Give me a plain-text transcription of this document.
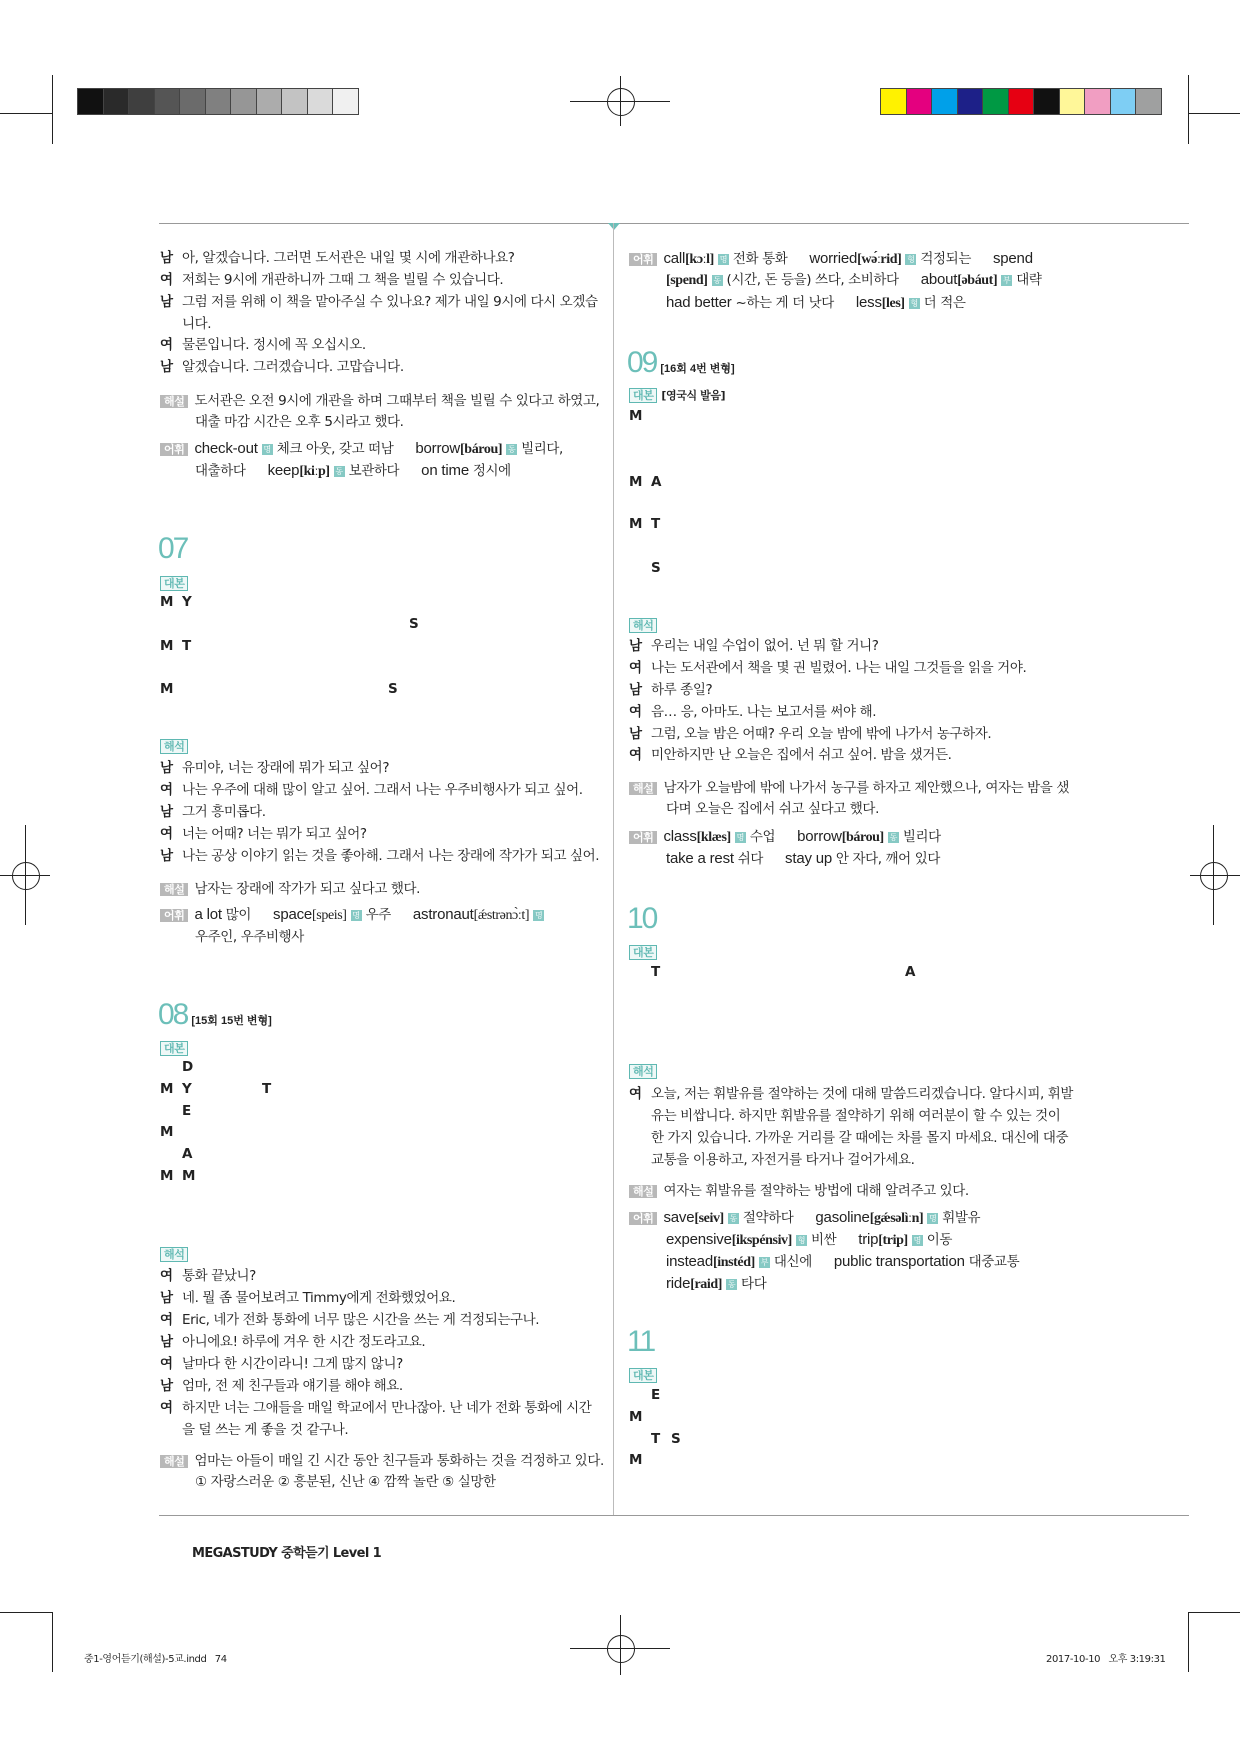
남 아, 알겠습니다. 그러면 도서관은 내일 몇 시에 개관하나요?
여 저희는 9시에 개관하니까 그때 그 책을 빌릴 수 있습니다.
남 그럼 저를 위해 이 책을 맡아주실 수 있나요? 제가 내일 9시에 다시 오겠습
니다.
여 물론입니다. 정시에 꼭 오십시오.
남 알겠습니다. 그러겠습니다. 고맙습니다.
해설 도서관은 오전 9시에 개관을 하며 그때부터 책을 빌릴 수 있다고 하였고,
대출 마감 시간은 오후 5시라고 했다.
어휘 check-out 명 체크 아웃, 갖고 떠남 borrow[bárou] 동 빌리다,
대출하다 keep[kiːp] 동 보관하다 on time 정시에
07
대본
M Y
S
M T
M	S
해석
남 유미야, 너는 장래에 뭐가 되고 싶어?
여 나는 우주에 대해 많이 알고 싶어. 그래서 나는 우주비행사가 되고 싶어.
남 그거 흥미롭다.
여 너는 어때? 너는 뭐가 되고 싶어?
남 나는 공상 이야기 읽는 것을 좋아해. 그래서 나는 장래에 작가가 되고 싶어.
해설 남자는 장래에 작가가 되고 싶다고 했다.
어휘 a lot 많이 space[speis] 명 우주 astronaut[ǽstrənɔ̀ːt] 명
우주인, 우주비행사
08 [15회 15번 변형]
대본
D
M Y	T
E
M
A
M M
해석
여 통화 끝났니?
남 네. 뭘 좀 물어보려고 Timmy에게 전화했었어요.
여 Eric, 네가 전화 통화에 너무 많은 시간을 쓰는 게 걱정되는구나.
남 아니에요! 하루에 겨우 한 시간 정도라고요.
여 날마다 한 시간이라니! 그게 많지 않니?
남 엄마, 전 제 친구들과 얘기를 해야 해요.
여 하지만 너는 그애들을 매일 학교에서 만나잖아. 난 네가 전화 통화에 시간
을 덜 쓰는 게 좋을 것 같구나.
해설 엄마는 아들이 매일 긴 시간 동안 친구들과 통화하는 것을 걱정하고 있다.
① 자랑스러운 ② 흥분된, 신난 ④ 깜짝 놀란 ⑤ 실망한
어휘 call[kɔːl] 명 전화 통화 worried[wə́ːrid] 형 걱정되는 spend
[spend] 동 (시간, 돈 등을) 쓰다, 소비하다 about[əbáut] 부 대략
had better ~하는 게 더 낫다 less[les] 형 더 적은
09 [16회 4번 변형]
대본 [영국식 발음]
M
M A
M T
S
해석
남 우리는 내일 수업이 없어. 넌 뭐 할 거니?
여 나는 도서관에서 책을 몇 권 빌렸어. 나는 내일 그것들을 읽을 거야.
남 하루 종일?
여 음… 응, 아마도. 나는 보고서를 써야 해.
남 그럼, 오늘 밤은 어때? 우리 오늘 밤에 밖에 나가서 농구하자.
여 미안하지만 난 오늘은 집에서 쉬고 싶어. 밤을 샜거든.
해설 남자가 오늘밤에 밖에 나가서 농구를 하자고 제안했으나, 여자는 밤을 샜
다며 오늘은 집에서 쉬고 싶다고 했다.
어휘 class[klæs] 명 수업 borrow[bárou] 동 빌리다
take a rest 쉬다 stay up 안 자다, 깨어 있다
10
대본
T	A
해석
여 오늘, 저는 휘발유를 절약하는 것에 대해 말씀드리겠습니다. 알다시피, 휘발
유는 비쌉니다. 하지만 휘발유를 절약하기 위해 여러분이 할 수 있는 것이
한 가지 있습니다. 가까운 거리를 갈 때에는 차를 몰지 마세요. 대신에 대중
교통을 이용하고, 자전거를 타거나 걸어가세요.
해설 여자는 휘발유를 절약하는 방법에 대해 알려주고 있다.
어휘 save[seiv] 동 절약하다 gasoline[gǽsəlìːn] 명 휘발유
expensive[ikspénsiv] 형 비싼 trip[trip] 명 이동
instead[instéd] 부 대신에 public transportation 대중교통
ride[raid] 동 타다
11
대본
E
M
T S
M
MEGASTUDY 중학듣기 Level 1
중1-영어듣기(해설)-5교.indd   74	2017-10-10   오후 3:19:31
